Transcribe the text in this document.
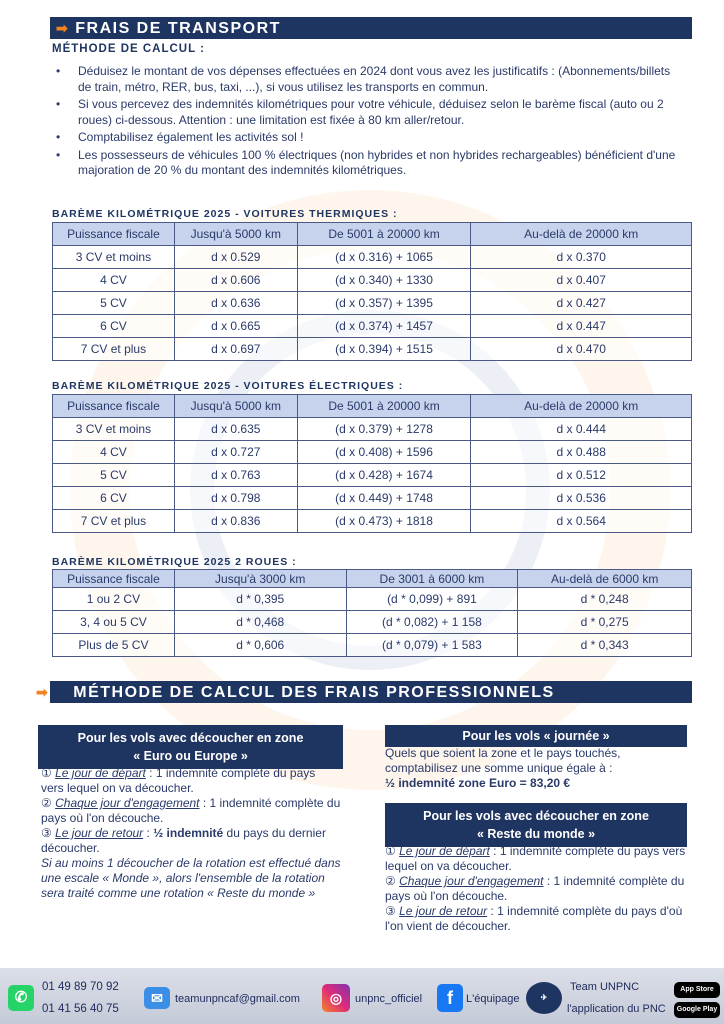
➡ FRAIS DE TRANSPORT
MÉTHODE DE CALCUL :
• Déduisez le montant de vos dépenses effectuées en 2024 dont vous avez les justificatifs : (Abonnements/billets de train, métro, RER, bus, taxi, ...), si vous utilisez les transports en commun.
• Si vous percevez des indemnités kilométriques pour votre véhicule, déduisez selon le barème fiscal (auto ou 2 roues) ci-dessous. Attention : une limitation est fixée à 80 km aller/retour.
• Comptabilisez également les activités sol !
• Les possesseurs de véhicules 100 % électriques (non hybrides et non hybrides rechargeables) bénéficient d'une majoration de 20 % du montant des indemnités kilométriques.
BARÈME KILOMÉTRIQUE 2025 - VOITURES THERMIQUES :
Puissance fiscale	Jusqu'à 5000 km	De 5001 à 20000 km	Au-delà de 20000 km
3 CV et moins	d x 0.529	(d x 0.316) + 1065	d x 0.370
4 CV	d x 0.606	(d x 0.340) + 1330	d x 0.407
5 CV	d x 0.636	(d x 0.357) + 1395	d x 0.427
6 CV	d x 0.665	(d x 0.374) + 1457	d x 0.447
7 CV et plus	d x 0.697	(d x 0.394) + 1515	d x 0.470
BARÈME KILOMÉTRIQUE 2025 - VOITURES ÉLECTRIQUES :
Puissance fiscale	Jusqu'à 5000 km	De 5001 à 20000 km	Au-delà de 20000 km
3 CV et moins	d x 0.635	(d x 0.379) + 1278	d x 0.444
4 CV	d x 0.727	(d x 0.408) + 1596	d x 0.488
5 CV	d x 0.763	(d x 0.428) + 1674	d x 0.512
6 CV	d x 0.798	(d x 0.449) + 1748	d x 0.536
7 CV et plus	d x 0.836	(d x 0.473) + 1818	d x 0.564
BARÈME KILOMÉTRIQUE 2025 2 ROUES :
Puissance fiscale	Jusqu'à 3000 km	De 3001 à 6000 km	Au-delà de 6000 km
1 ou 2 CV	d * 0,395	(d * 0,099) + 891	d * 0,248
3, 4 ou 5 CV	d * 0,468	(d * 0,082) + 1 158	d * 0,275
Plus de 5 CV	d * 0,606	(d * 0,079) + 1 583	d * 0,343
➡ MÉTHODE DE CALCUL DES FRAIS PROFESSIONNELS
Pour les vols avec découcher en zone
« Euro ou Europe »
① Le jour de départ : 1 indemnité complète du pays vers lequel on va découcher.
② Chaque jour d'engagement : 1 indemnité complète du pays où l'on découche.
③ Le jour de retour : ½ indemnité du pays du dernier découcher.
Si au moins 1 découcher de la rotation est effectué dans une escale « Monde », alors l'ensemble de la rotation sera traité comme une rotation « Reste du monde »
Pour les vols « journée »
Quels que soient la zone et le pays touchés, comptabilisez une somme unique égale à :
½ indemnité zone Euro = 83,20 €
Pour les vols avec découcher en zone
« Reste du monde »
① Le jour de départ : 1 indemnité complète du pays vers lequel on va découcher.
② Chaque jour d'engagement : 1 indemnité complète du pays où l'on découche.
③ Le jour de retour : 1 indemnité complète du pays d'où l'on vient de découcher.
✆
01 49 89 70 92
01 41 56 40 75
✉	teamunpncaf@gmail.com	◎	unpnc_officiel	f	L'équipage	✈
Team UNPNC
l'application du PNC
App Store
Google Play
